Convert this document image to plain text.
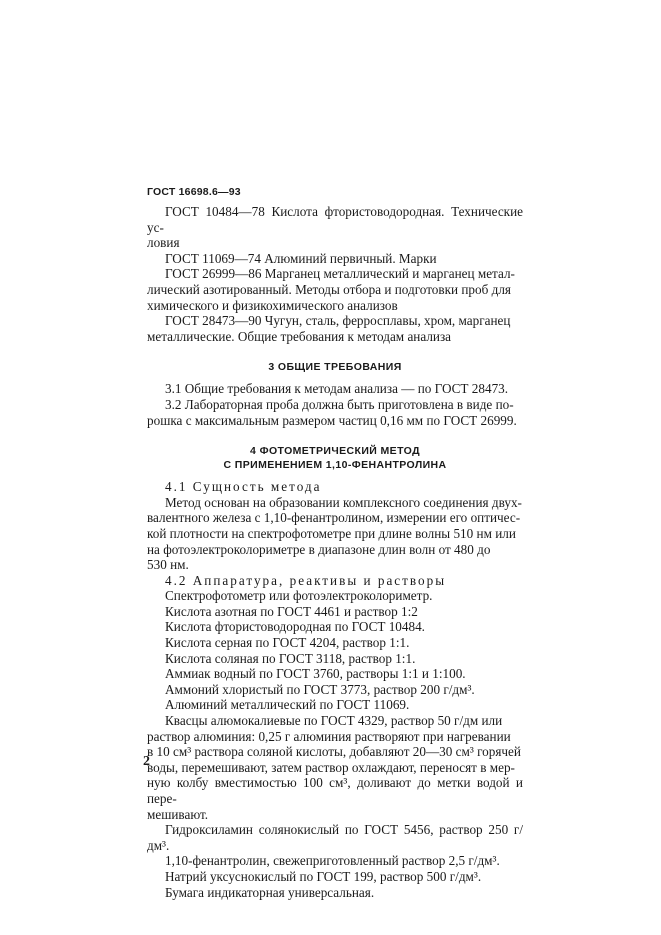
ГОСТ 16698.6—93

ГОСТ 10484—78 Кислота фтористоводородная. Технические ус-

ловия

ГОСТ 11069—74 Алюминий первичный. Марки

ГОСТ 26999—86 Марганец металлический и марганец метал-

лический азотированный. Методы отбора и подготовки проб для

химического и физикохимического анализов

ГОСТ 28473—90 Чугун, сталь, ферросплавы, хром, марганец

металлические. Общие требования к методам анализа

3 ОБЩИЕ ТРЕБОВАНИЯ

3.1 Общие требования к методам анализа — по ГОСТ 28473.

3.2 Лабораторная проба должна быть приготовлена в виде по-

рошка с максимальным размером частиц 0,16 мм по ГОСТ 26999.

4 ФОТОМЕТРИЧЕСКИЙ МЕТОД

С ПРИМЕНЕНИЕМ 1,10-ФЕНАНТРОЛИНА

4.1 Сущность метода

Метод основан на образовании комплексного соединения двух-

валентного железа с 1,10-фенантролином, измерении его оптичес-

кой плотности на спектрофотометре при длине волны 510 нм или

на фотоэлектроколориметре в диапазоне длин волн от 480 до

530 нм.

4.2 Аппаратура, реактивы и растворы

Спектрофотометр или фотоэлектроколориметр.

Кислота азотная по ГОСТ 4461 и раствор 1:2

Кислота фтористоводородная по ГОСТ 10484.

Кислота серная по ГОСТ 4204, раствор 1:1.

Кислота соляная по ГОСТ 3118, раствор 1:1.

Аммиак водный по ГОСТ 3760, растворы 1:1 и 1:100.

Аммоний хлористый по ГОСТ 3773, раствор 200 г/дм³.

Алюминий металлический по ГОСТ 11069.

Квасцы алюмокалиевые по ГОСТ 4329, раствор 50 г/дм или

раствор алюминия: 0,25 г алюминия растворяют при нагревании

в 10 см³ раствора соляной кислоты, добавляют 20—30 см³ горячей

воды, перемешивают, затем раствор охлаждают, переносят в мер-

ную колбу вместимостью 100 см³, доливают до метки водой и пере-

мешивают.

Гидроксиламин солянокислый по ГОСТ 5456, раствор 250 г/дм³.

1,10-фенантролин, свежеприготовленный раствор 2,5 г/дм³.

Натрий уксуснокислый по ГОСТ 199, раствор 500 г/дм³.

Бумага индикаторная универсальная.

2
